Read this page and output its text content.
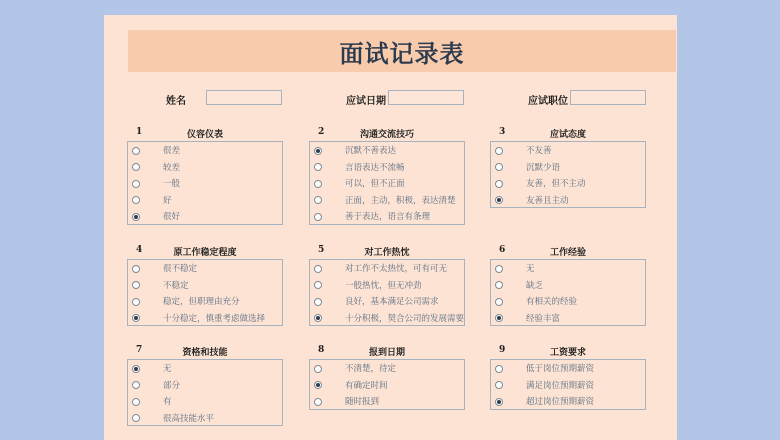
面试记录表
姓名	应试日期	应试职位
1	仪容仪表
很差
较差
一般
好
很好
2	沟通交流技巧
沉默不善表达
言语表达不流畅
可以，但不正面
正面，主动，积极，表达清楚
善于表达，语言有条理
3	应试态度
不友善
沉默少语
友善，但不主动
友善且主动
4	原工作稳定程度
很不稳定
不稳定
稳定，但职理由充分
十分稳定，慎重考虑做选择
5	对工作热忱
对工作不太热忱，可有可无
一般热忱，但无冲劲
良好，基本满足公司需求
十分积极，契合公司的发展需要
6	工作经验
无
缺乏
有相关的经验
经验丰富
7	资格和技能
无
部分
有
很高技能水平
8	报到日期
不清楚，待定
有确定时间
随时报到
9	工资要求
低于岗位预期薪资
满足岗位预期薪资
超过岗位预期薪资
